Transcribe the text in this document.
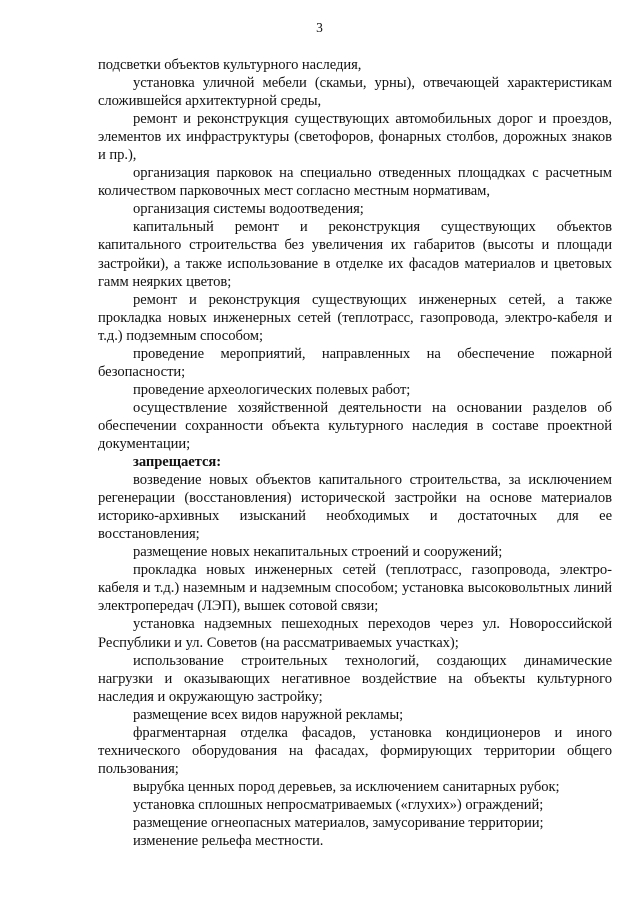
3

подсветки объектов культурного наследия,

установка уличной мебели (скамьи, урны), отвечающей характеристикам сложившейся архитектурной среды,

ремонт и реконструкция существующих автомобильных дорог и проездов, элементов их инфраструктуры (светофоров, фонарных столбов, дорожных знаков и пр.),

организация парковок на специально отведенных площадках с расчетным количеством парковочных мест согласно местным нормативам,

организация системы водоотведения;

капитальный ремонт и реконструкция существующих объектов капитального строительства без увеличения их габаритов (высоты и площади застройки), а также использование в отделке их фасадов материалов и цветовых гамм неярких цветов;

ремонт и реконструкция существующих инженерных сетей, а также прокладка новых инженерных сетей (теплотрасс, газопровода, электро-кабеля и т.д.) подземным способом;

проведение мероприятий, направленных на обеспечение пожарной безопасности;

проведение археологических полевых работ;

осуществление хозяйственной деятельности на основании разделов об обеспечении сохранности объекта культурного наследия в составе проектной документации;

запрещается:

возведение новых объектов капитального строительства, за исключением регенерации (восстановления) исторической застройки на основе материалов историко-архивных изысканий необходимых и достаточных для ее восстановления;

размещение новых некапитальных строений и сооружений;

прокладка новых инженерных сетей (теплотрасс, газопровода, электро-кабеля и т.д.) наземным и надземным способом; установка высоковольтных линий электропередач (ЛЭП), вышек сотовой связи;

установка надземных пешеходных переходов через ул. Новороссийской Республики и ул. Советов (на рассматриваемых участках);

использование строительных технологий, создающих динамические нагрузки и оказывающих негативное воздействие на объекты культурного наследия и окружающую застройку;

размещение всех видов наружной рекламы;

фрагментарная отделка фасадов, установка кондиционеров и иного технического оборудования на фасадах, формирующих территории общего пользования;

вырубка ценных пород деревьев, за исключением санитарных рубок;

установка сплошных непросматриваемых («глухих») ограждений;

размещение огнеопасных материалов, замусоривание территории;

изменение рельефа местности.
